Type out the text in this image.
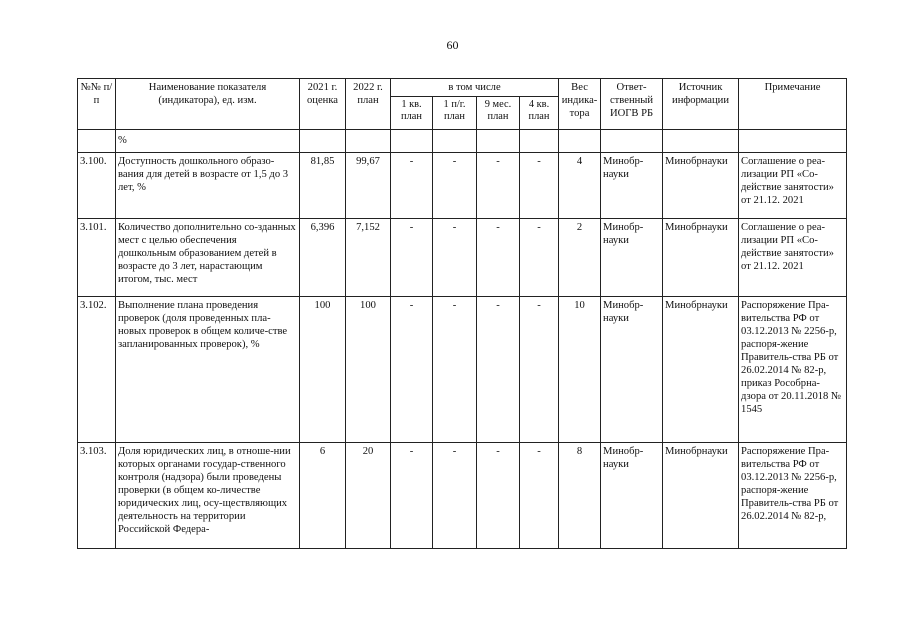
60
№№ п/п	Наименование показателя (индикатора), ед. изм.	2021 г. оценка	2022 г. план	в том числе				Вес индика-тора	Ответ-ственный ИОГВ РБ	Источник информации	Примечание
				1 кв. план	1 п/г. план	9 мес. план	4 кв. план				
	%										
3.100.	Доступность дошкольного образо-вания для детей в возрасте от 1,5 до 3 лет, %	81,85	99,67	-	-	-	-	4	Минобр-науки	Минобрнауки	Соглашение о реа-лизации РП «Со-действие занятости» от 21.12. 2021
3.101.	Количество дополнительно со-зданных мест с целью обеспечения дошкольным образованием детей в возрасте до 3 лет, нарастающим итогом, тыс. мест	6,396	7,152	-	-	-	-	2	Минобр-науки	Минобрнауки	Соглашение о реа-лизации РП «Со-действие занятости» от 21.12. 2021
3.102.	Выполнение плана проведения проверок (доля проведенных пла-новых проверок в общем количе-стве запланированных проверок), %	100	100	-	-	-	-	10	Минобр-науки	Минобрнауки	Распоряжение Пра-вительства РФ от 03.12.2013 № 2256-р, распоря-жение Правитель-ства РБ от 26.02.2014 № 82-р, приказ Рособрна-дзора от 20.11.2018 № 1545
3.103.	Доля юридических лиц, в отноше-нии которых органами государ-ственного контроля (надзора) были проведены проверки (в общем ко-личестве юридических лиц, осу-ществляющих деятельность на территории Российской Федера-	6	20	-	-	-	-	8	Минобр-науки	Минобрнауки	Распоряжение Пра-вительства РФ от 03.12.2013 № 2256-р, распоря-жение Правитель-ства РБ от 26.02.2014 № 82-р,
